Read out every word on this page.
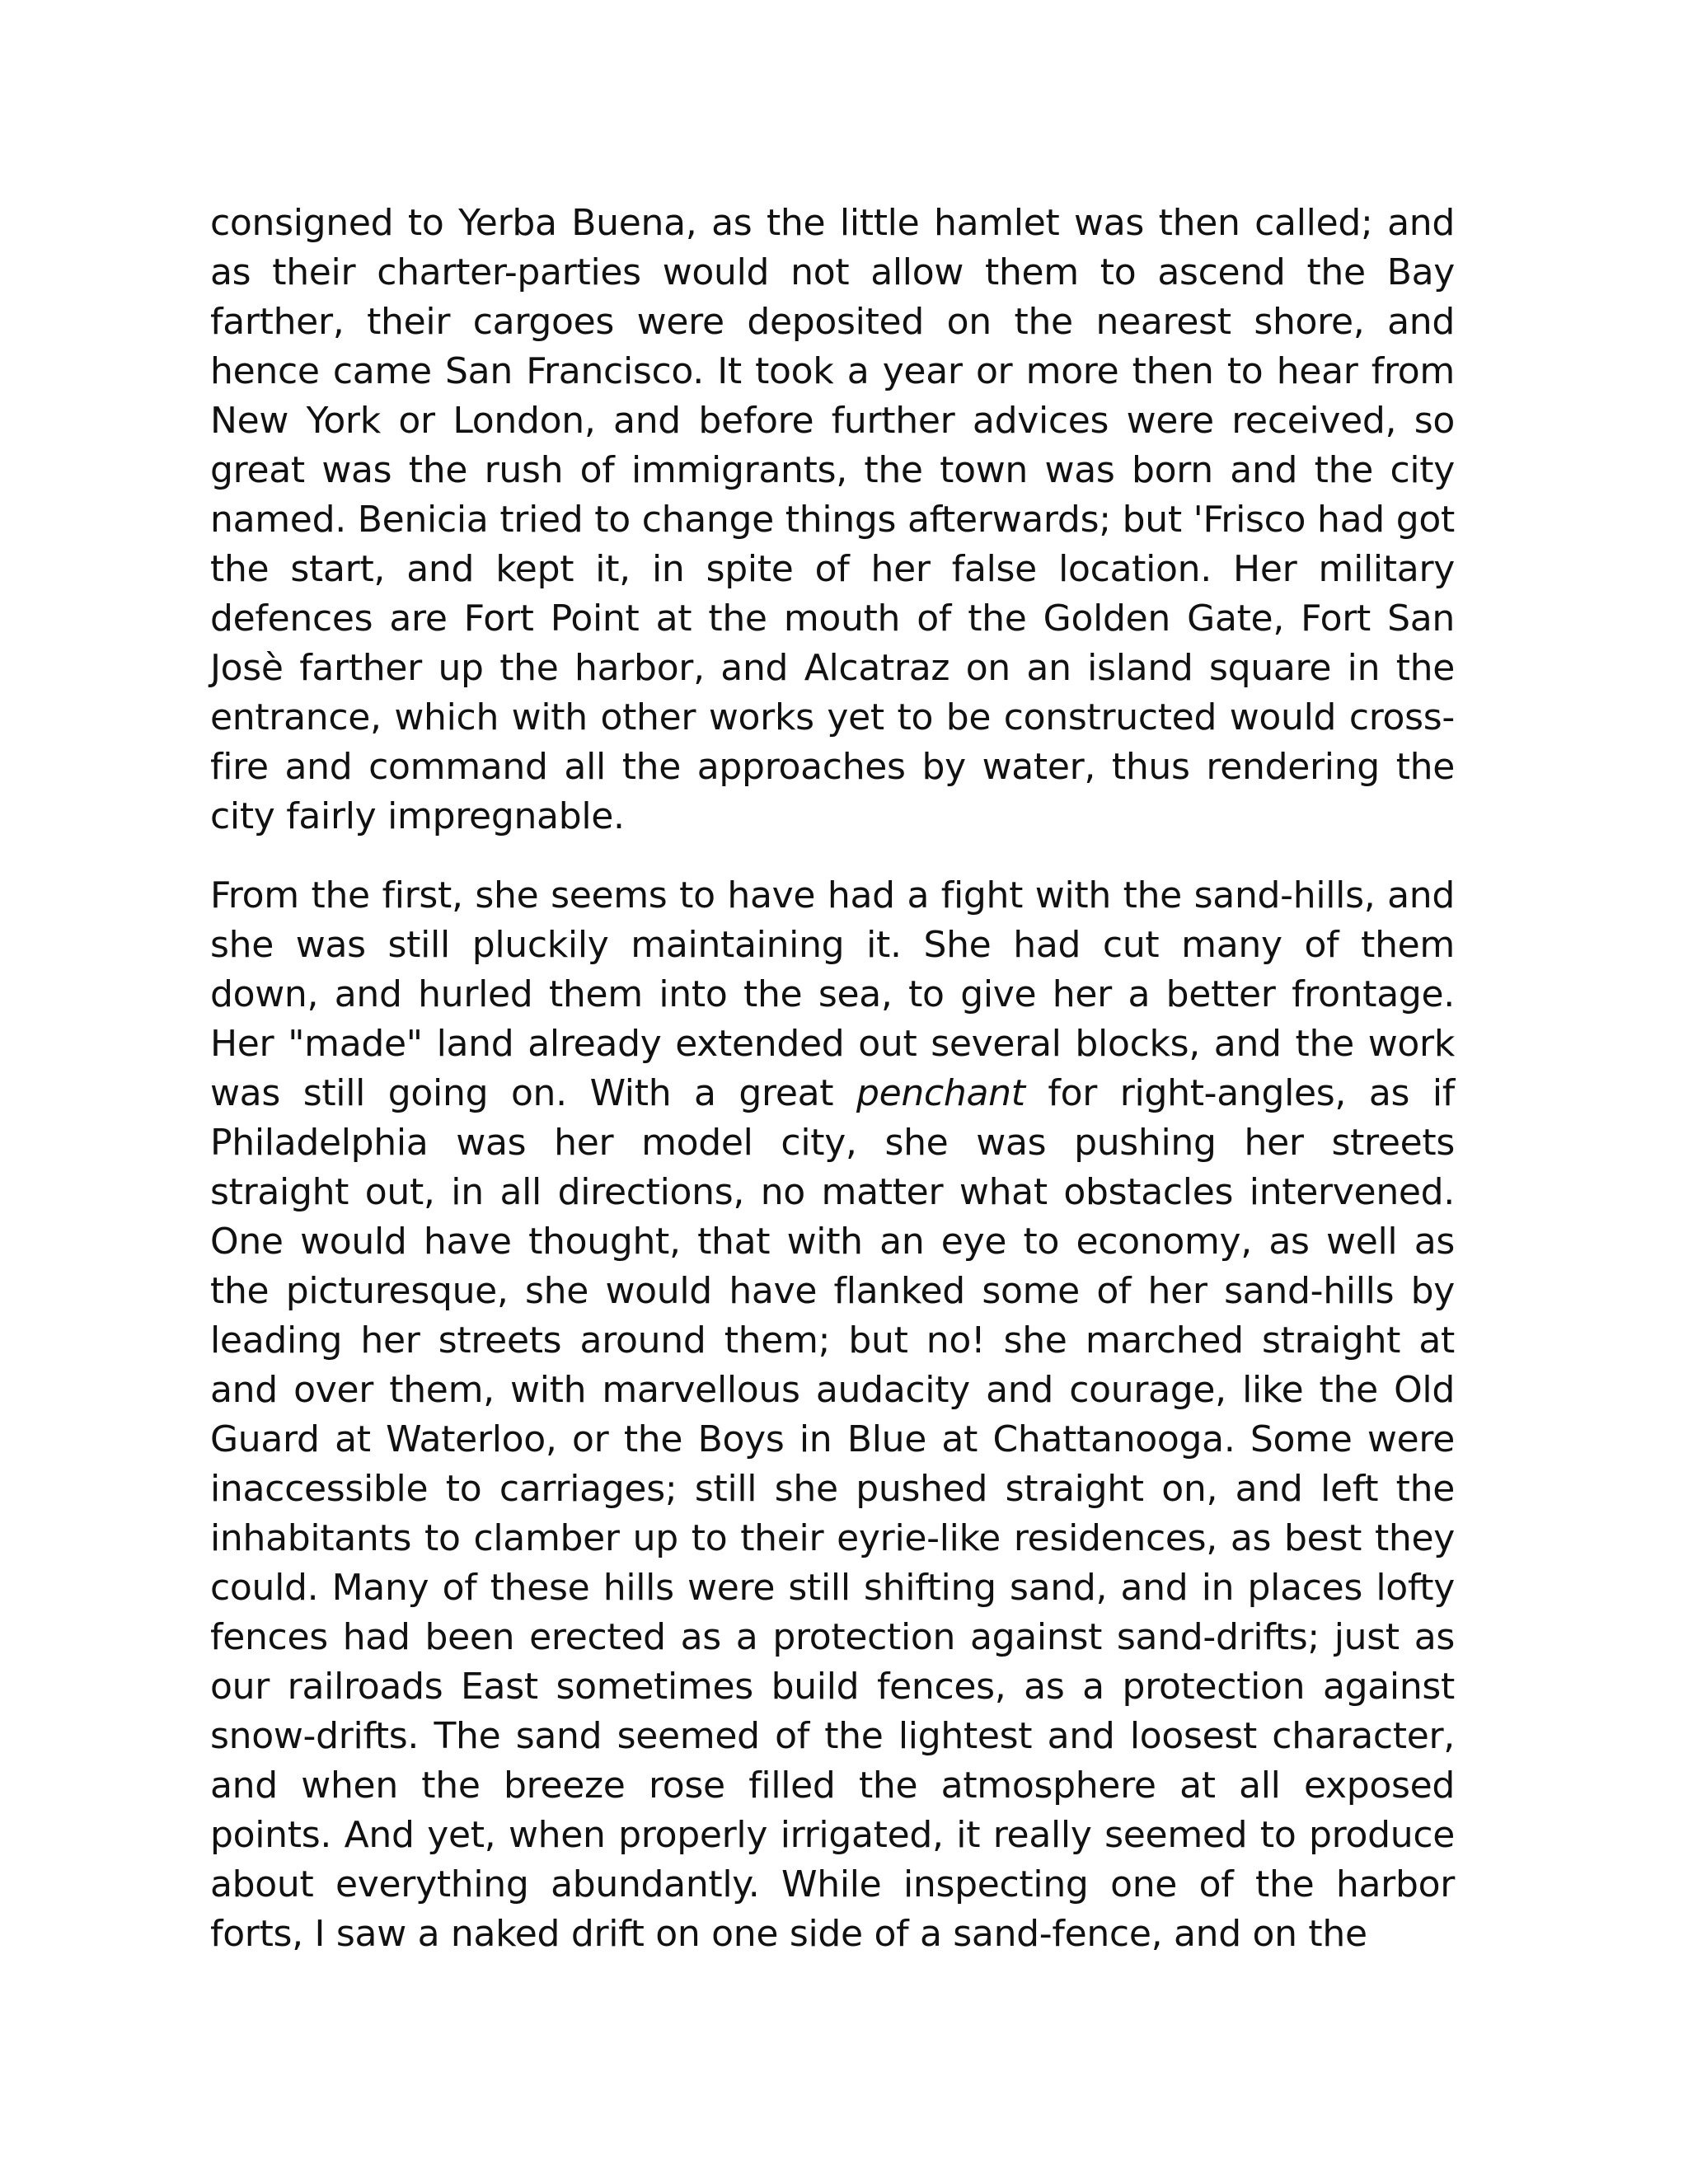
consigned to Yerba Buena, as the little hamlet was then called; and as their charter-parties would not allow them to ascend the Bay farther, their cargoes were deposited on the nearest shore, and hence came San Francisco. It took a year or more then to hear from New York or London, and before further advices were received, so great was the rush of immigrants, the town was born and the city named. Benicia tried to change things afterwards; but 'Frisco had got the start, and kept it, in spite of her false location. Her military defences are Fort Point at the mouth of the Golden Gate, Fort San Josè farther up the harbor, and Alcatraz on an island square in the entrance, which with other works yet to be constructed would cross-fire and command all the approaches by water, thus rendering the city fairly impregnable.

From the first, she seems to have had a fight with the sand-hills, and she was still pluckily maintaining it. She had cut many of them down, and hurled them into the sea, to give her a better frontage. Her "made" land already extended out several blocks, and the work was still going on. With a great penchant for right-angles, as if Philadelphia was her model city, she was pushing her streets straight out, in all directions, no matter what obstacles intervened. One would have thought, that with an eye to economy, as well as the picturesque, she would have flanked some of her sand-hills by leading her streets around them; but no! she marched straight at and over them, with marvellous audacity and courage, like the Old Guard at Waterloo, or the Boys in Blue at Chattanooga. Some were inaccessible to carriages; still she pushed straight on, and left the inhabitants to clamber up to their eyrie-like residences, as best they could. Many of these hills were still shifting sand, and in places lofty fences had been erected as a protection against sand-drifts; just as our railroads East sometimes build fences, as a protection against snow-drifts. The sand seemed of the lightest and loosest character, and when the breeze rose filled the atmosphere at all exposed points. And yet, when properly irrigated, it really seemed to produce about everything abundantly. While inspecting one of the harbor forts, I saw a naked drift on one side of a sand-fence, and on the
